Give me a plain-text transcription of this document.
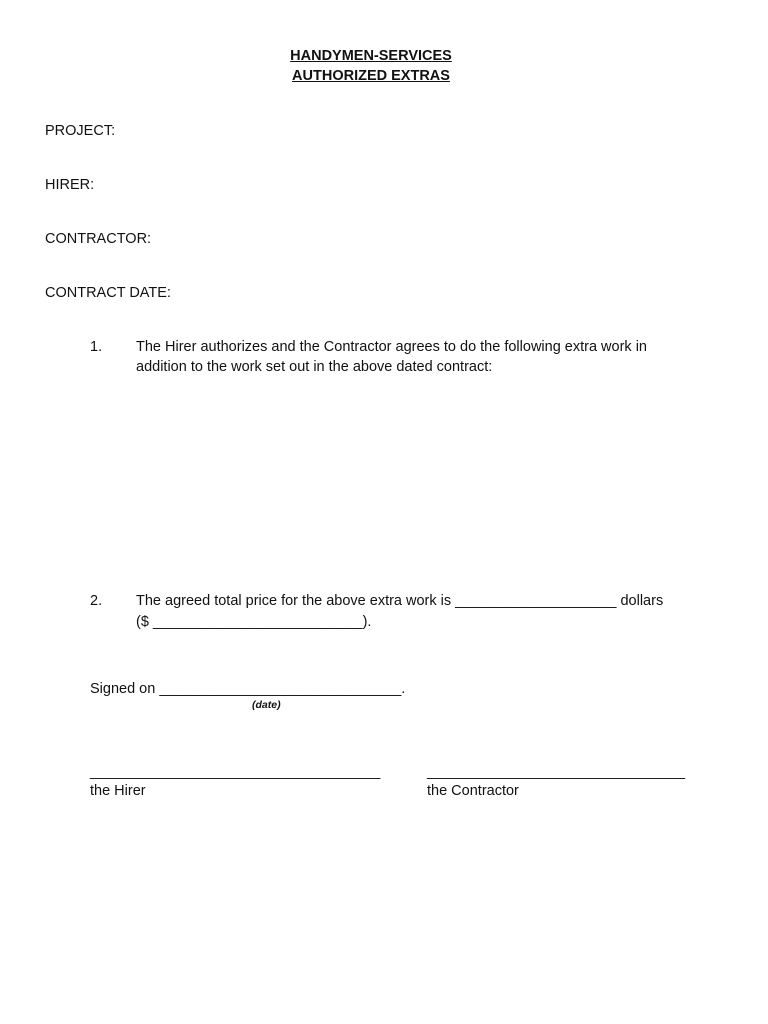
HANDYMEN-SERVICES
AUTHORIZED EXTRAS
PROJECT:
HIRER:
CONTRACTOR:
CONTRACT DATE:
1. The Hirer authorizes and the Contractor agrees to do the following extra work in
addition to the work set out in the above dated contract:
2. The agreed total price for the above extra work is ____________________ dollars
($ __________________________).
Signed on ______________________________.
(date)
____________________________________
the Hirer
________________________________
the Contractor
